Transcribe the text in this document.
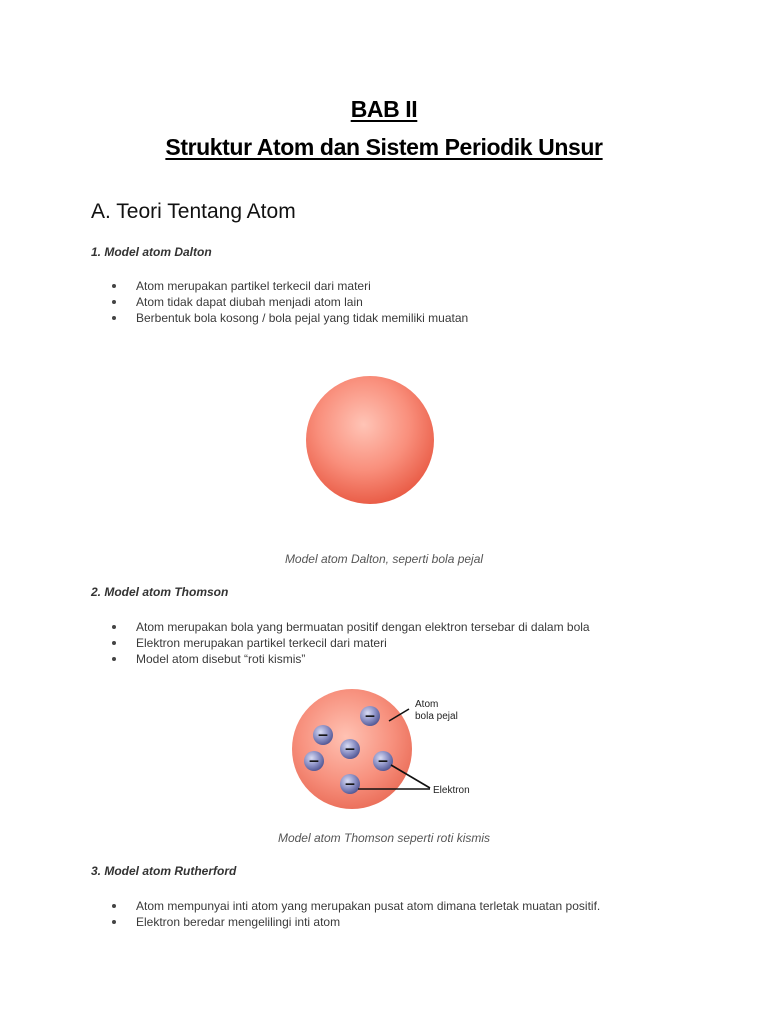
BAB II
Struktur Atom dan Sistem Periodik Unsur
A. Teori Tentang Atom
1. Model atom Dalton
Atom merupakan partikel terkecil dari materi
Atom tidak dapat diubah menjadi atom lain
Berbentuk bola kosong / bola pejal yang tidak memiliki muatan
Model atom Dalton, seperti bola pejal
2. Model atom Thomson
Atom merupakan bola yang bermuatan positif dengan elektron tersebar di dalam bola
Elektron merupakan partikel terkecil dari materi
Model atom disebut “roti kismis”
−
−
−
−	−
−
Atom
bola pejal
Elektron
Model atom Thomson seperti roti kismis
3. Model atom Rutherford
Atom mempunyai inti atom yang merupakan pusat atom dimana terletak muatan positif.
Elektron beredar mengelilingi inti atom
